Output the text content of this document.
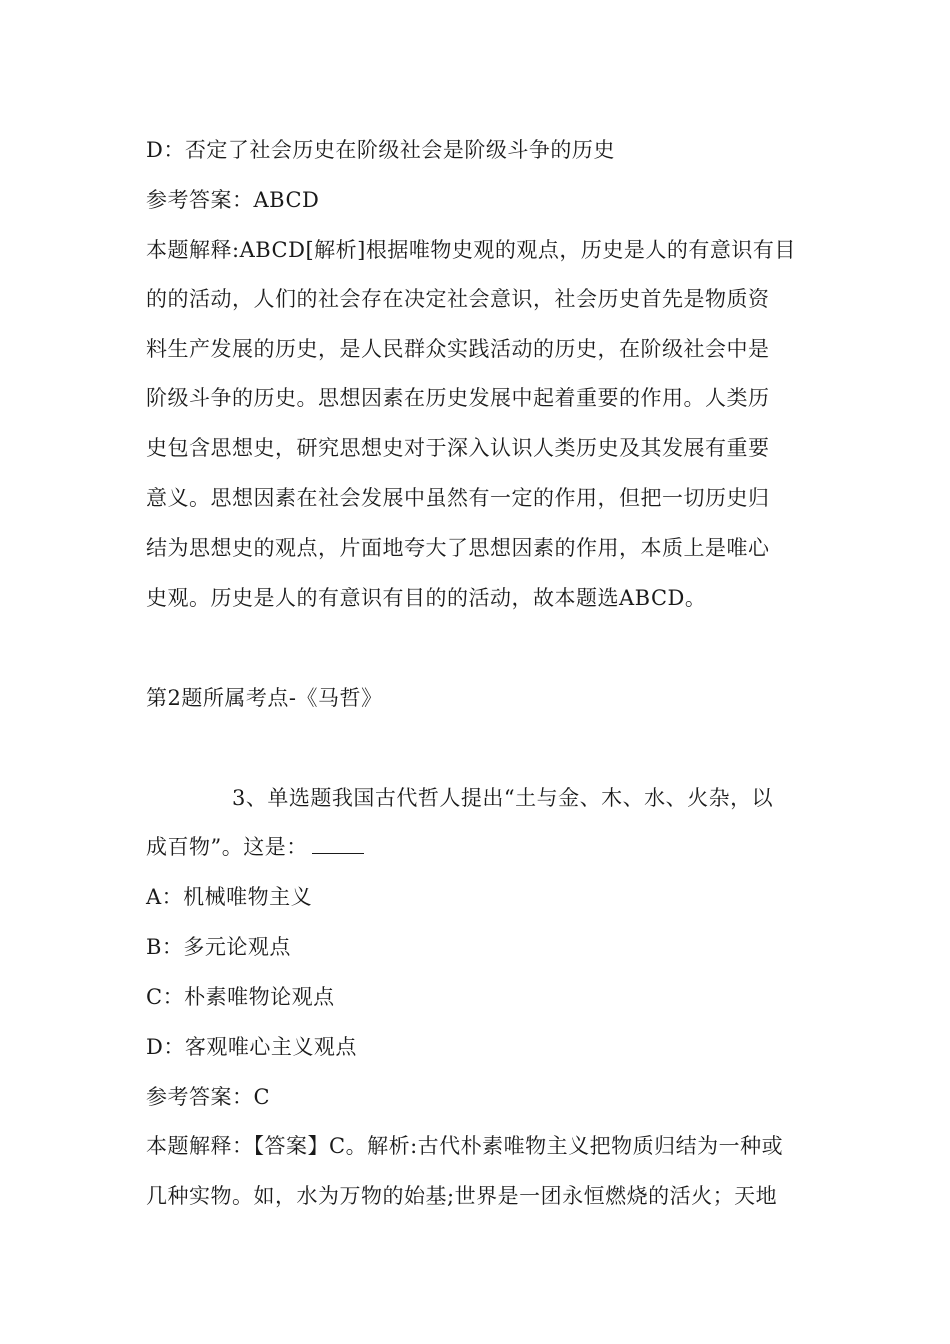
D：否定了社会历史在阶级社会是阶级斗争的历史
参考答案：ABCD
本题解释:ABCD[解析]根据唯物史观的观点，历史是人的有意识有目
的的活动，人们的社会存在决定社会意识，社会历史首先是物质资
料生产发展的历史，是人民群众实践活动的历史，在阶级社会中是
阶级斗争的历史。思想因素在历史发展中起着重要的作用。人类历
史包含思想史，研究思想史对于深入认识人类历史及其发展有重要
意义。思想因素在社会发展中虽然有一定的作用，但把一切历史归
结为思想史的观点，片面地夸大了思想因素的作用，本质上是唯心
史观。历史是人的有意识有目的的活动，故本题选ABCD。
第2题所属考点-《马哲》
3、单选题我国古代哲人提出“土与金、木、水、火杂，以
成百物”。这是：
A：机械唯物主义
B：多元论观点
C：朴素唯物论观点
D：客观唯心主义观点
参考答案：C
本题解释：【答案】C。解析:古代朴素唯物主义把物质归结为一种或
几种实物。如，水为万物的始基;世界是一团永恒燃烧的活火；天地
